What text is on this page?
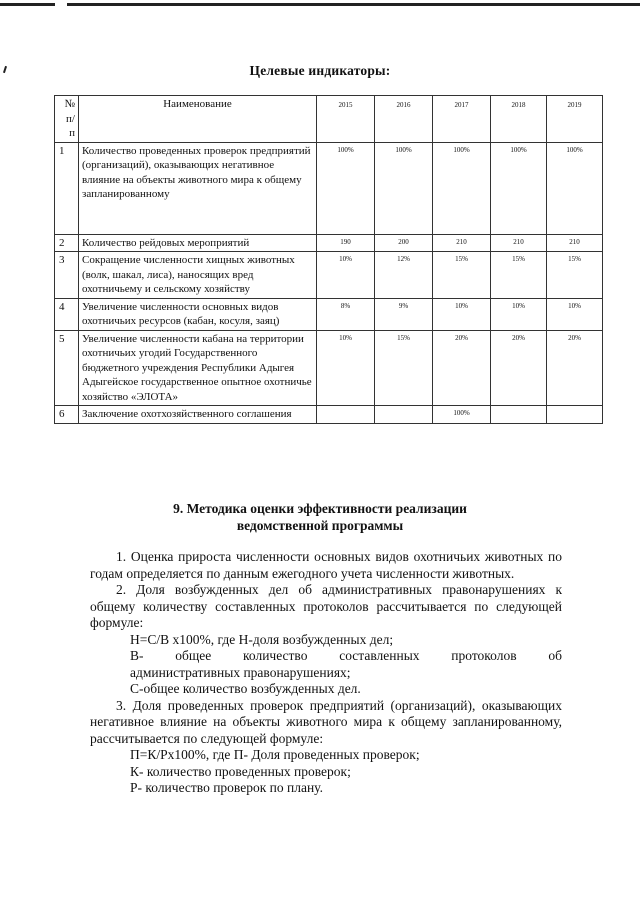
Целевые индикаторы:
№
п/
п	Наименование	2015	2016	2017	2018	2019
1	Количество проведенных проверок предприятий (организаций), оказывающих негативное влияние на объекты животного мира к общему запланированному	100%	100%	100%	100%	100%
2	Количество рейдовых мероприятий	190	200	210	210	210
3	Сокращение численности хищных животных (волк, шакал, лиса), наносящих вред охотничьему и сельскому хозяйству	10%	12%	15%	15%	15%
4	Увеличение численности основных видов охотничьих ресурсов (кабан, косуля, заяц)	8%	9%	10%	10%	10%
5	Увеличение численности кабана на территории охотничьих угодий Государственного бюджетного учреждения Республики Адыгея Адыгейское государственное опытное охотничье хозяйство «ЭЛОТА»	10%	15%	20%	20%	20%
6	Заключение охотхозяйственного соглашения			100%		
9. Методика оценки эффективности реализации
ведомственной программы

1. Оценка прироста численности основных видов охотничьих животных по годам определяется по данным ежегодного учета численности животных.

2. Доля возбужденных дел об административных правонарушениях к общему количеству составленных протоколов рассчитывается по следующей формуле:

Н=С/В х100%, где Н-доля возбужденных дел;

В- общее количество составленных протоколов об

административных правонарушениях;

С-общее количество возбужденных дел.

3. Доля проведенных проверок предприятий (организаций), оказывающих негативное влияние на объекты животного мира к общему запланированному, рассчитывается по следующей формуле:

П=К/Рх100%, где П- Доля проведенных проверок;

К- количество проведенных проверок;

Р- количество проверок по плану.
